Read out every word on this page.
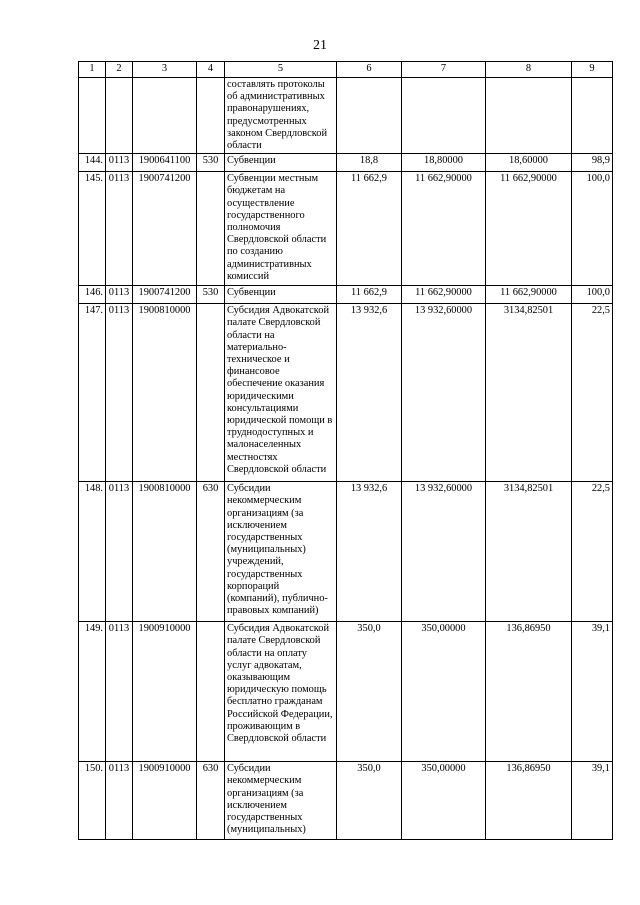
21
1	2	3	4	5	6	7	8	9
				составлять протоколы об административных правонарушениях, предусмотренных законом Свердловской области				
144.	0113	1900641100	530	Субвенции	18,8	18,80000	18,60000	98,9
145.	0113	1900741200		Субвенции местным бюджетам на осуществление государственного полномочия Свердловской области по созданию административных комиссий	11 662,9	11 662,90000	11 662,90000	100,0
146.	0113	1900741200	530	Субвенции	11 662,9	11 662,90000	11 662,90000	100,0
147.	0113	1900810000		Субсидия Адвокатской палате Свердловской области на материально-техническое и финансовое обеспечение оказания юридическими консультациями юридической помощи в труднодоступных и малонаселенных местностях Свердловской области	13 932,6	13 932,60000	3134,82501	22,5
148.	0113	1900810000	630	Субсидии некоммерческим организациям (за исключением государственных (муниципальных) учреждений, государственных корпораций (компаний), публично-правовых компаний)	13 932,6	13 932,60000	3134,82501	22,5
149.	0113	1900910000		Субсидия Адвокатской палате Свердловской области на оплату услуг адвокатам, оказывающим юридическую помощь бесплатно гражданам Российской Федерации, проживающим в Свердловской области	350,0	350,00000	136,86950	39,1
150.	0113	1900910000	630	Субсидии некоммерческим организациям (за исключением государственных (муниципальных)	350,0	350,00000	136,86950	39,1
